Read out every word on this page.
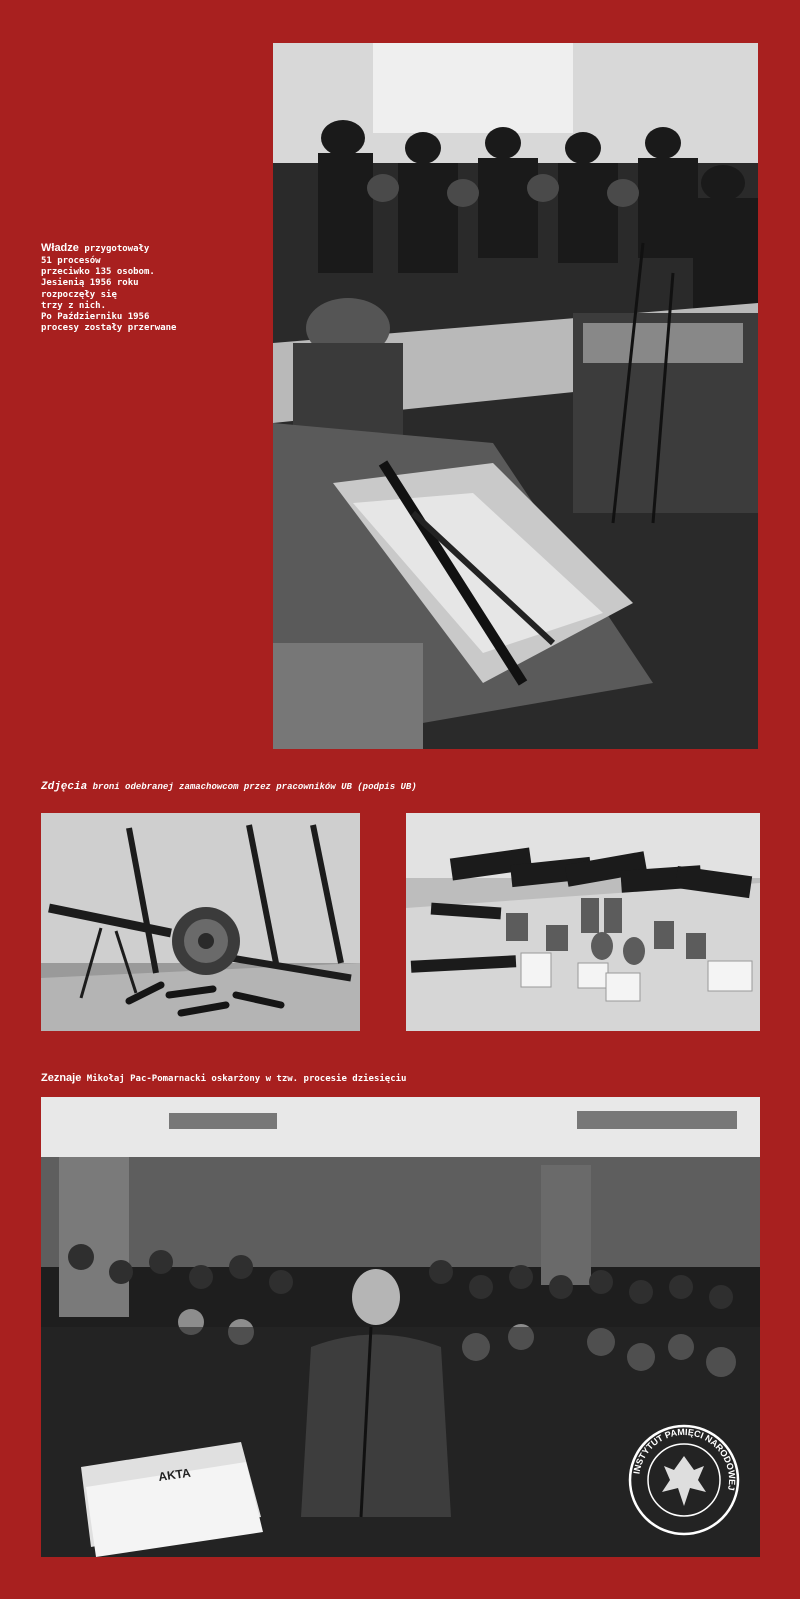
Władze przygotowały
51 procesów
przeciwko 135 osobom.
Jesienią 1956 roku
rozpoczęły się
trzy z nich.
Po Październiku 1956
procesy zostały przerwane
Zdjęcia broni odebranej zamachowcom przez pracowników UB (podpis UB)
Zeznaje Mikołaj Pac-Pomarnacki oskarżony w tzw. procesie dziesięciu
AKTA	INSTYTUT PAMIĘCI NARODOWEJ
